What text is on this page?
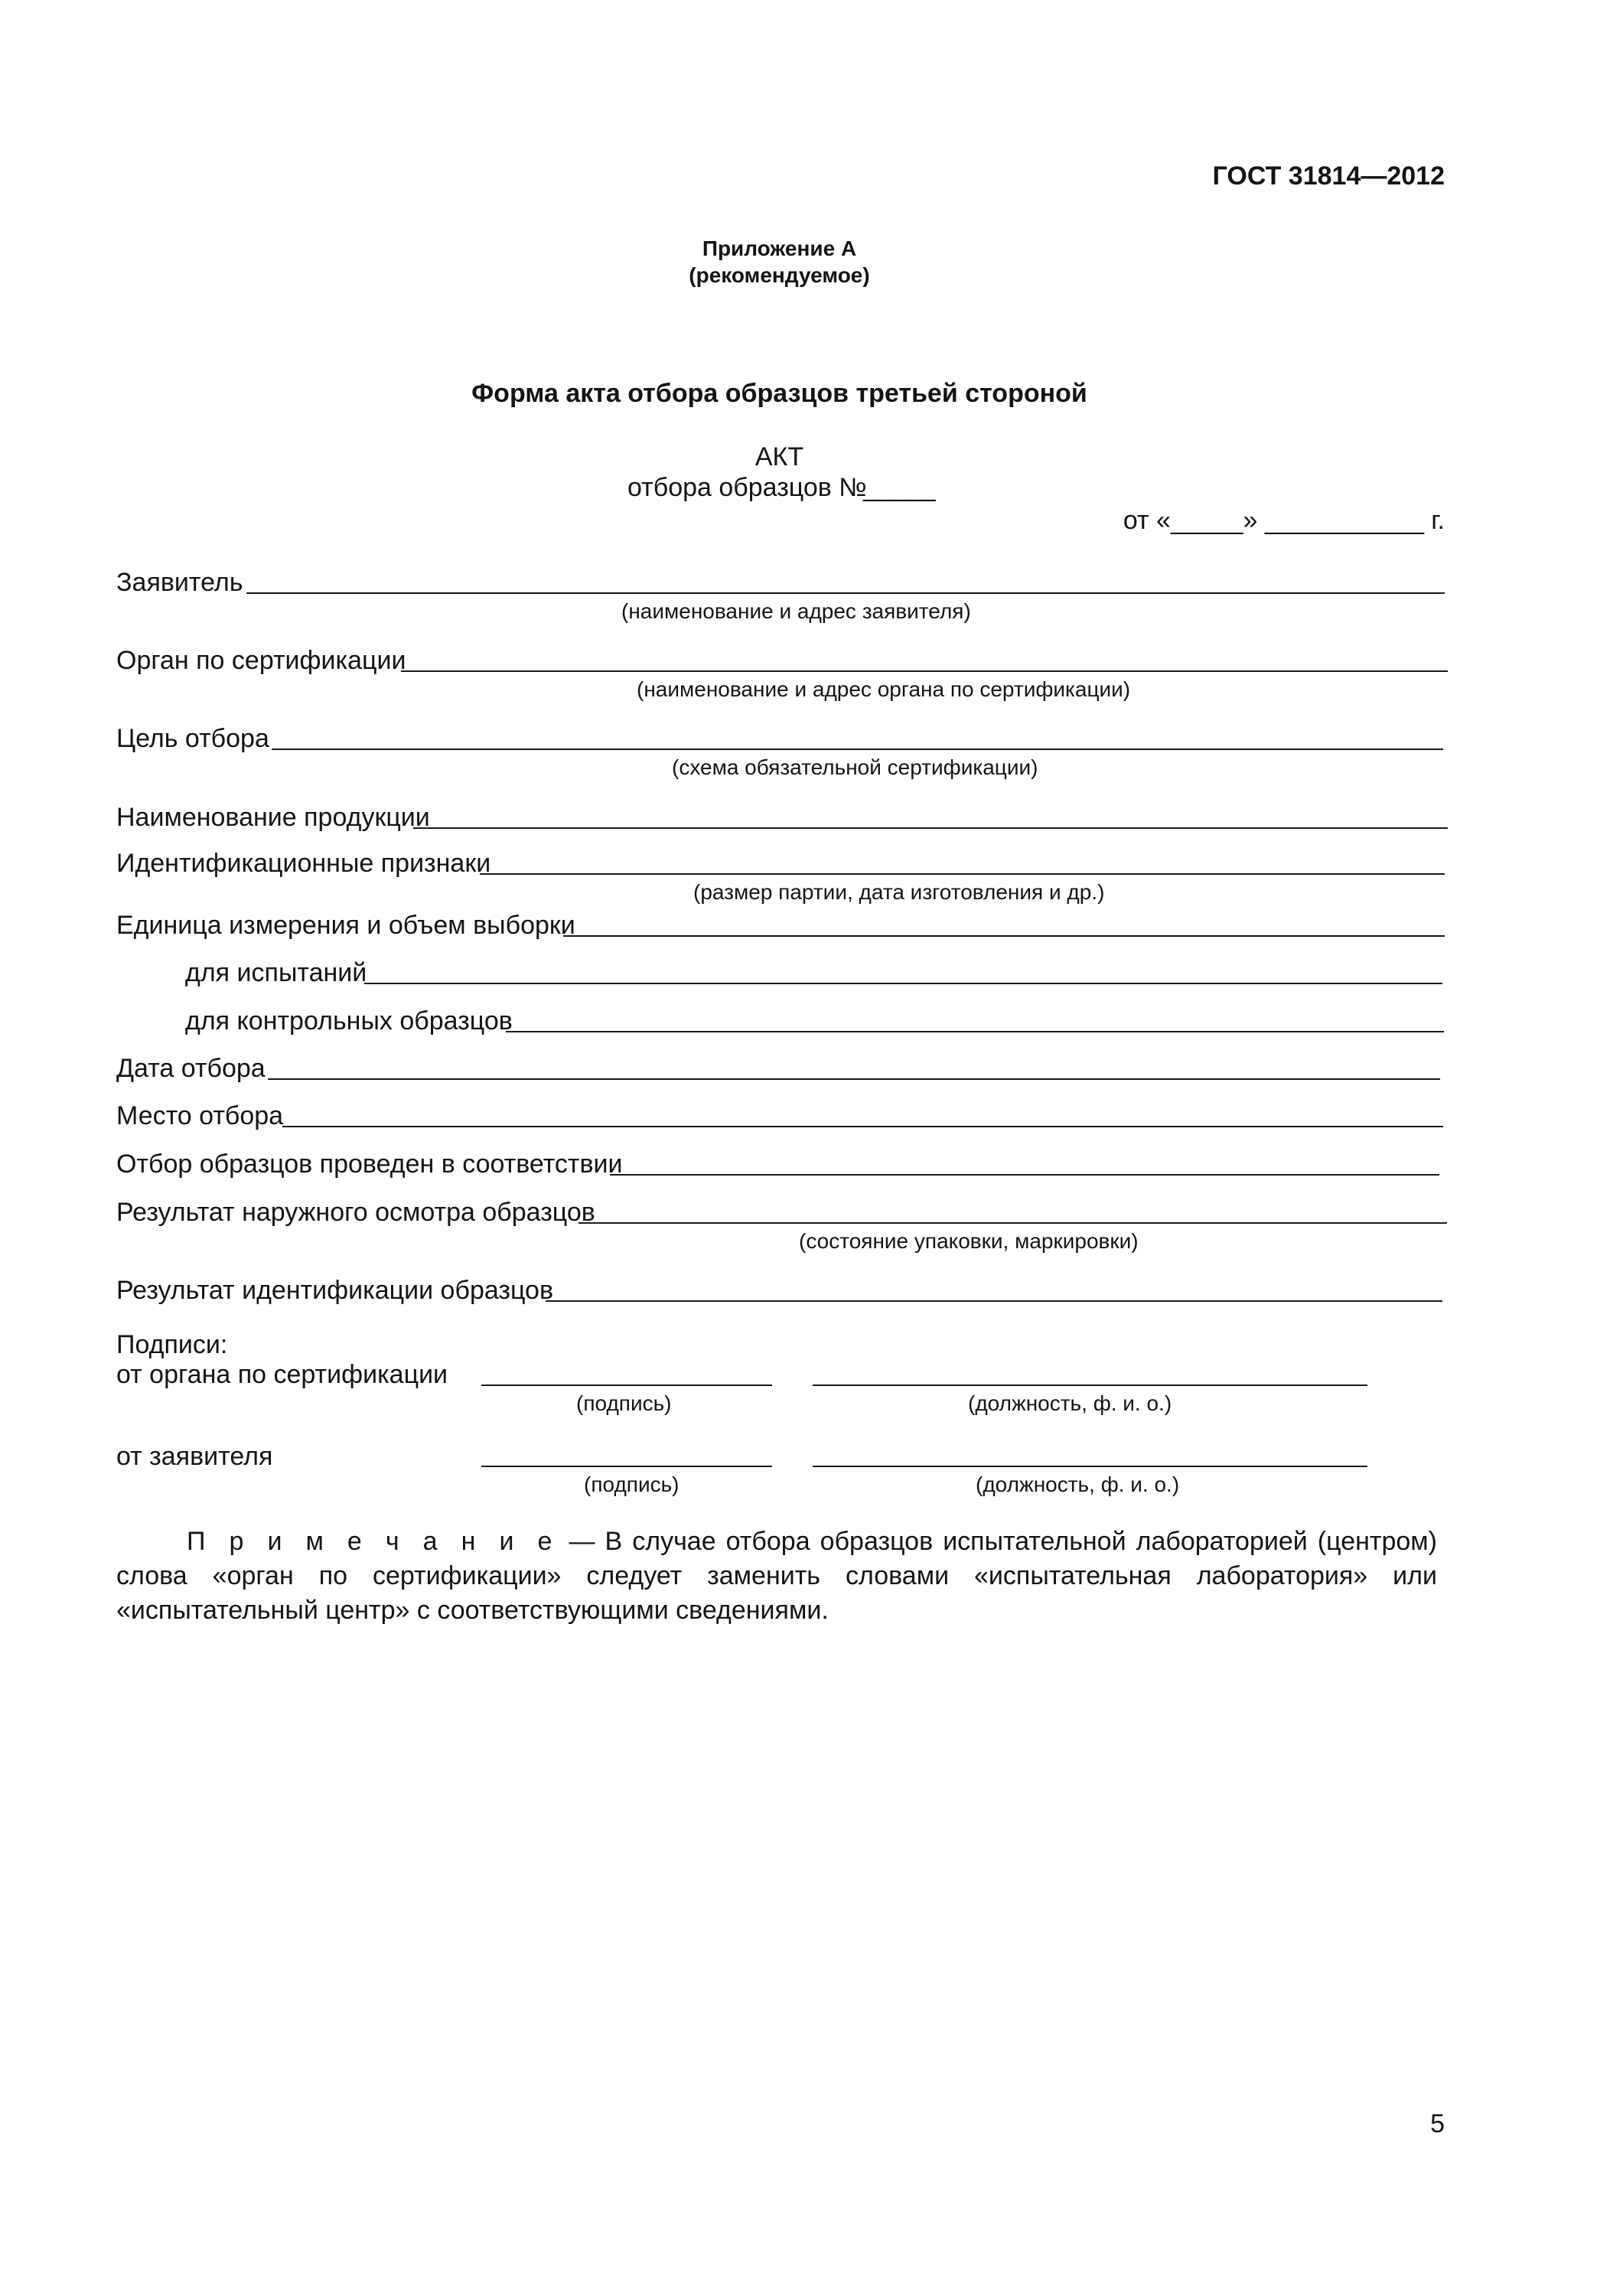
ГОСТ 31814—2012
Приложение А
(рекомендуемое)
Форма акта отбора образцов третьей стороной
АКТ
отбора образцов №
_____
от «_____» ___________ г.
Заявитель
(наименование и адрес заявителя)
Орган по сертификации
(наименование и адрес органа по сертификации)
Цель отбора
(схема обязательной сертификации)
Наименование продукции
Идентификационные признаки
(размер партии, дата изготовления и др.)
Единица измерения и объем выборки
для испытаний
для контрольных образцов
Дата отбора
Место отбора
Отбор образцов проведен в соответствии
Результат наружного осмотра образцов
(состояние упаковки, маркировки)
Результат идентификации образцов
Подписи:
от органа по сертификации
(подпись)	(должность, ф. и. о.)
от заявителя
(подпись)	(должность, ф. и. о.)
П р и м е ч а н и е — В случае отбора образцов испытательной лабораторией (центром) слова «орган по сертификации» следует заменить словами «испытательная лаборатория» или «испытательный центр» с соответствующими сведениями.
5
